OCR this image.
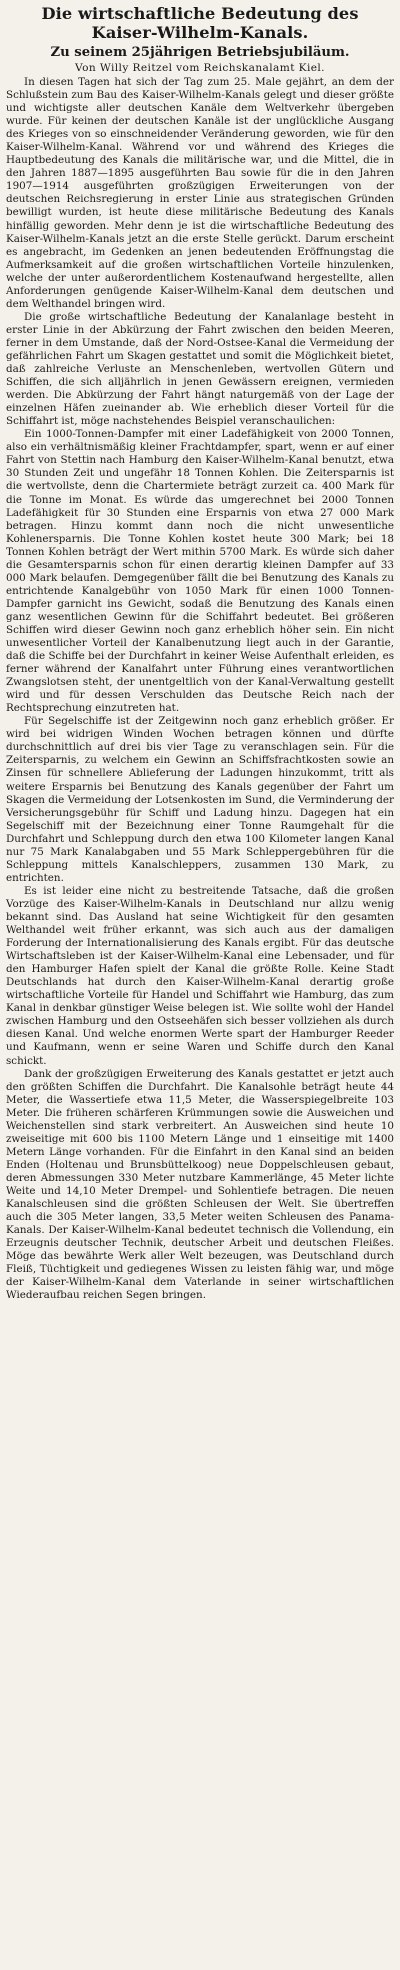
Die wirtschaftliche Bedeutung des
Kaiser-Wilhelm-Kanals.
Zu seinem 25jährigen Betriebsjubiläum.
Von Willy Reitzel vom Reichskanalamt Kiel.

In diesen Tagen hat sich der Tag zum 25. Male gejährt, an dem der Schlußstein zum Bau des Kaiser-Wilhelm-Kanals gelegt und dieser größte und wichtigste aller deutschen Kanäle dem Weltverkehr übergeben wurde. Für keinen der deutschen Kanäle ist der unglückliche Ausgang des Krieges von so einschneidender Veränderung geworden, wie für den Kaiser-Wilhelm-Kanal. Während vor und während des Krieges die Hauptbedeutung des Kanals die militärische war, und die Mittel, die in den Jahren 1887—1895 ausgeführten Bau sowie für die in den Jahren 1907—1914 ausgeführten großzügigen Erweiterungen von der deutschen Reichsregierung in erster Linie aus strategischen Gründen bewilligt wurden, ist heute diese militärische Bedeutung des Kanals hinfällig geworden. Mehr denn je ist die wirtschaftliche Bedeutung des Kaiser-Wilhelm-Kanals jetzt an die erste Stelle gerückt. Darum erscheint es angebracht, im Gedenken an jenen bedeutenden Eröffnungstag die Aufmerksamkeit auf die großen wirtschaftlichen Vorteile hinzulenken, welche der unter außerordentlichem Kostenaufwand hergestellte, allen Anforderungen genügende Kaiser-Wilhelm-Kanal dem deutschen und dem Welthandel bringen wird.

Die große wirtschaftliche Bedeutung der Kanalanlage besteht in erster Linie in der Abkürzung der Fahrt zwischen den beiden Meeren, ferner in dem Umstande, daß der Nord-Ostsee-Kanal die Vermeidung der gefährlichen Fahrt um Skagen gestattet und somit die Möglichkeit bietet, daß zahlreiche Verluste an Menschenleben, wertvollen Gütern und Schiffen, die sich alljährlich in jenen Gewässern ereignen, vermieden werden. Die Abkürzung der Fahrt hängt naturgemäß von der Lage der einzelnen Häfen zueinander ab. Wie erheblich dieser Vorteil für die Schiffahrt ist, möge nachstehendes Beispiel veranschaulichen:

Ein 1000-Tonnen-Dampfer mit einer Ladefähigkeit von 2000 Tonnen, also ein verhältnismäßig kleiner Frachtdampfer, spart, wenn er auf einer Fahrt von Stettin nach Hamburg den Kaiser-Wilhelm-Kanal benutzt, etwa 30 Stunden Zeit und ungefähr 18 Tonnen Kohlen. Die Zeitersparnis ist die wertvollste, denn die Chartermiete beträgt zurzeit ca. 400 Mark für die Tonne im Monat. Es würde das umgerechnet bei 2000 Tonnen Ladefähigkeit für 30 Stunden eine Ersparnis von etwa 27 000 Mark betragen. Hinzu kommt dann noch die nicht unwesentliche Kohlenersparnis. Die Tonne Kohlen kostet heute 300 Mark; bei 18 Tonnen Kohlen beträgt der Wert mithin 5700 Mark. Es würde sich daher die Gesamtersparnis schon für einen derartig kleinen Dampfer auf 33 000 Mark belaufen. Demgegenüber fällt die bei Benutzung des Kanals zu entrichtende Kanalgebühr von 1050 Mark für einen 1000 Tonnen-Dampfer garnicht ins Gewicht, sodaß die Benutzung des Kanals einen ganz wesentlichen Gewinn für die Schiffahrt bedeutet. Bei größeren Schiffen wird dieser Gewinn noch ganz erheblich höher sein. Ein nicht unwesentlicher Vorteil der Kanalbenutzung liegt auch in der Garantie, daß die Schiffe bei der Durchfahrt in keiner Weise Aufenthalt erleiden, es ferner während der Kanalfahrt unter Führung eines verantwortlichen Zwangslotsen steht, der unentgeltlich von der Kanal-Verwaltung gestellt wird und für dessen Verschulden das Deutsche Reich nach der Rechtsprechung einzutreten hat.

Für Segelschiffe ist der Zeitgewinn noch ganz erheblich größer. Er wird bei widrigen Winden Wochen betragen können und dürfte durchschnittlich auf drei bis vier Tage zu veranschlagen sein. Für die Zeitersparnis, zu welchem ein Gewinn an Schiffsfrachtkosten sowie an Zinsen für schnellere Ablieferung der Ladungen hinzukommt, tritt als weitere Ersparnis bei Benutzung des Kanals gegenüber der Fahrt um Skagen die Vermeidung der Lotsenkosten im Sund, die Verminderung der Versicherungsgebühr für Schiff und Ladung hinzu. Dagegen hat ein Segelschiff mit der Bezeichnung einer Tonne Raumgehalt für die Durchfahrt und Schleppung durch den etwa 100 Kilometer langen Kanal nur 75 Mark Kanalabgaben und 55 Mark Schleppergebühren für die Schleppung mittels Kanalschleppers, zusammen 130 Mark, zu entrichten.

Es ist leider eine nicht zu bestreitende Tatsache, daß die großen Vorzüge des Kaiser-Wilhelm-Kanals in Deutschland nur allzu wenig bekannt sind. Das Ausland hat seine Wichtigkeit für den gesamten Welthandel weit früher erkannt, was sich auch aus der damaligen Forderung der Internationalisierung des Kanals ergibt. Für das deutsche Wirtschaftsleben ist der Kaiser-Wilhelm-Kanal eine Lebensader, und für den Hamburger Hafen spielt der Kanal die größte Rolle. Keine Stadt Deutschlands hat durch den Kaiser-Wilhelm-Kanal derartig große wirtschaftliche Vorteile für Handel und Schiffahrt wie Hamburg, das zum Kanal in denkbar günstiger Weise belegen ist. Wie sollte wohl der Handel zwischen Hamburg und den Ostseehäfen sich besser vollziehen als durch diesen Kanal. Und welche enormen Werte spart der Hamburger Reeder und Kaufmann, wenn er seine Waren und Schiffe durch den Kanal schickt.

Dank der großzügigen Erweiterung des Kanals gestattet er jetzt auch den größten Schiffen die Durchfahrt. Die Kanalsohle beträgt heute 44 Meter, die Wassertiefe etwa 11,5 Meter, die Wasserspiegelbreite 103 Meter. Die früheren schärferen Krümmungen sowie die Ausweichen und Weichenstellen sind stark verbreitert. An Ausweichen sind heute 10 zweiseitige mit 600 bis 1100 Metern Länge und 1 einseitige mit 1400 Metern Länge vorhanden. Für die Einfahrt in den Kanal sind an beiden Enden (Holtenau und Brunsbüttelkoog) neue Doppelschleusen gebaut, deren Abmessungen 330 Meter nutzbare Kammerlänge, 45 Meter lichte Weite und 14,10 Meter Drempel- und Sohlentiefe betragen. Die neuen Kanalschleusen sind die größten Schleusen der Welt. Sie übertreffen auch die 305 Meter langen, 33,5 Meter weiten Schleusen des Panama-Kanals. Der Kaiser-Wilhelm-Kanal bedeutet technisch die Vollendung, ein Erzeugnis deutscher Technik, deutscher Arbeit und deutschen Fleißes. Möge das bewährte Werk aller Welt bezeugen, was Deutschland durch Fleiß, Tüchtigkeit und gediegenes Wissen zu leisten fähig war, und möge der Kaiser-Wilhelm-Kanal dem Vaterlande in seiner wirtschaftlichen Wiederaufbau reichen Segen bringen.
